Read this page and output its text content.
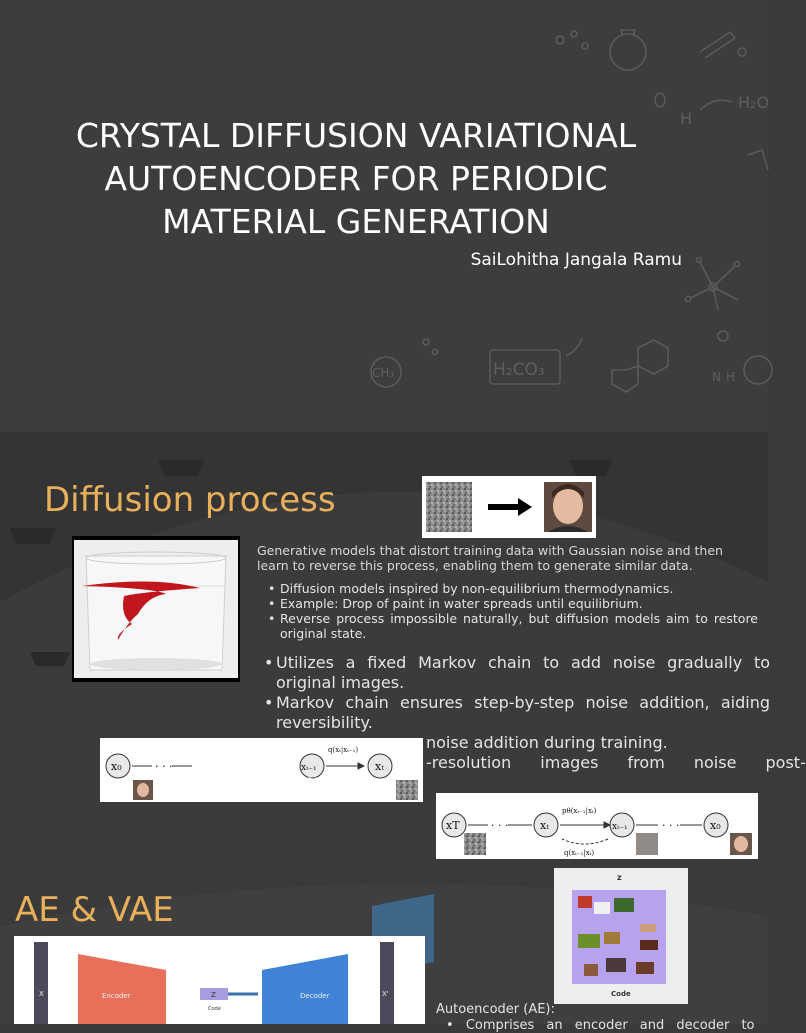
H
H₂O
CH₃	H₂CO₃	N H
CRYSTAL DIFFUSION VARIATIONAL
AUTOENCODER FOR PERIODIC
MATERIAL GENERATION
SaiLohitha Jangala Ramu
Diffusion process
Generative models that distort training data with Gaussian noise and then learn to reverse this process, enabling them to generate similar data.
• Diffusion models inspired by non-equilibrium thermodynamics.
• Example: Drop of paint in water spreads until equilibrium.
• Reverse process impossible naturally, but diffusion models aim to restore original state.
• Utilizes a fixed Markov chain to add noise gradually to original images.
• Markov chain ensures step-by-step noise addition, aiding reversibility.
noise addition during training.
-resolution images from noise post-
x₀	· · ·	xₜ₋₁	xₜ
q(xₜ|xₜ₋₁)
ini
xT	· · ·	xₜ	xₜ₋₁	x₀
· · ·
pθ(xₜ₋₁|xₜ)
q(xₜ₋₁|xₜ)
AE & VAE
X	Encoder	Z
Code
Decoder	X'
z
Code
Autoencoder (AE):
• Comprises an encoder and decoder to
